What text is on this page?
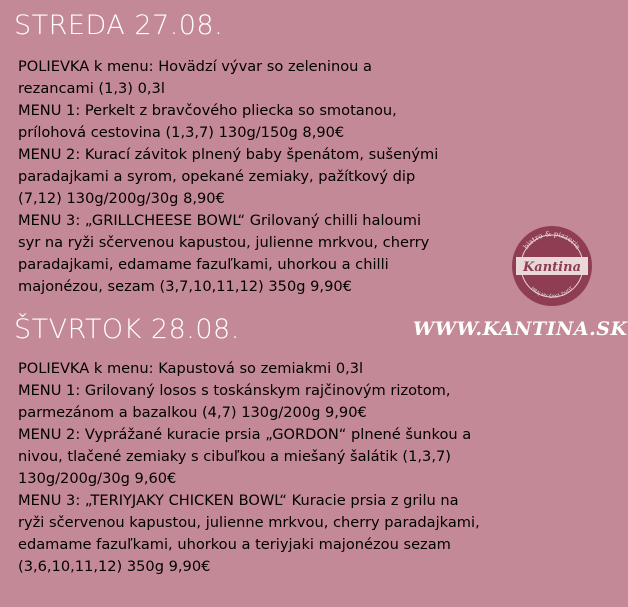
STREDA 27.08.

POLIEVKA k menu: Hovädzí vývar so zeleninou a

rezancami (1,3) 0,3l

MENU 1: Perkelt z bravčového pliecka so smotanou,

prílohová cestovina (1,3,7) 130g/150g 8,90€

MENU 2: Kurací závitok plnený baby špenátom, sušenými

paradajkami a syrom, opekané zemiaky, pažítkový dip

(7,12) 130g/200g/30g 8,90€

MENU 3: „GRILLCHEESE BOWL“ Grilovaný chilli haloumi

syr na ryži sčervenou kapustou, julienne mrkvou, cherry

paradajkami, edamame fazuľkami, uhorkou a chilli

majonézou, sezam (3,7,10,11,12) 350g 9,90€

bistro & pizzeria
Kantina
HRAJ MY ČAKÁ ŽIVOT
ŠTVRTOK 28.08.	WWW.KANTINA.SK

POLIEVKA k menu: Kapustová so zemiakmi 0,3l

MENU 1: Grilovaný losos s toskánskym rajčinovým rizotom,

parmezánom a bazalkou (4,7) 130g/200g 9,90€

MENU 2: Vyprážané kuracie prsia „GORDON“ plnené šunkou a

nivou, tlačené zemiaky s cibuľkou a miešaný šalátik (1,3,7)

130g/200g/30g 9,60€

MENU 3: „TERIYJAKY CHICKEN BOWL“ Kuracie prsia z grilu na

ryži sčervenou kapustou, julienne mrkvou, cherry paradajkami,

edamame fazuľkami, uhorkou a teriyjaki majonézou sezam

(3,6,10,11,12) 350g 9,90€
